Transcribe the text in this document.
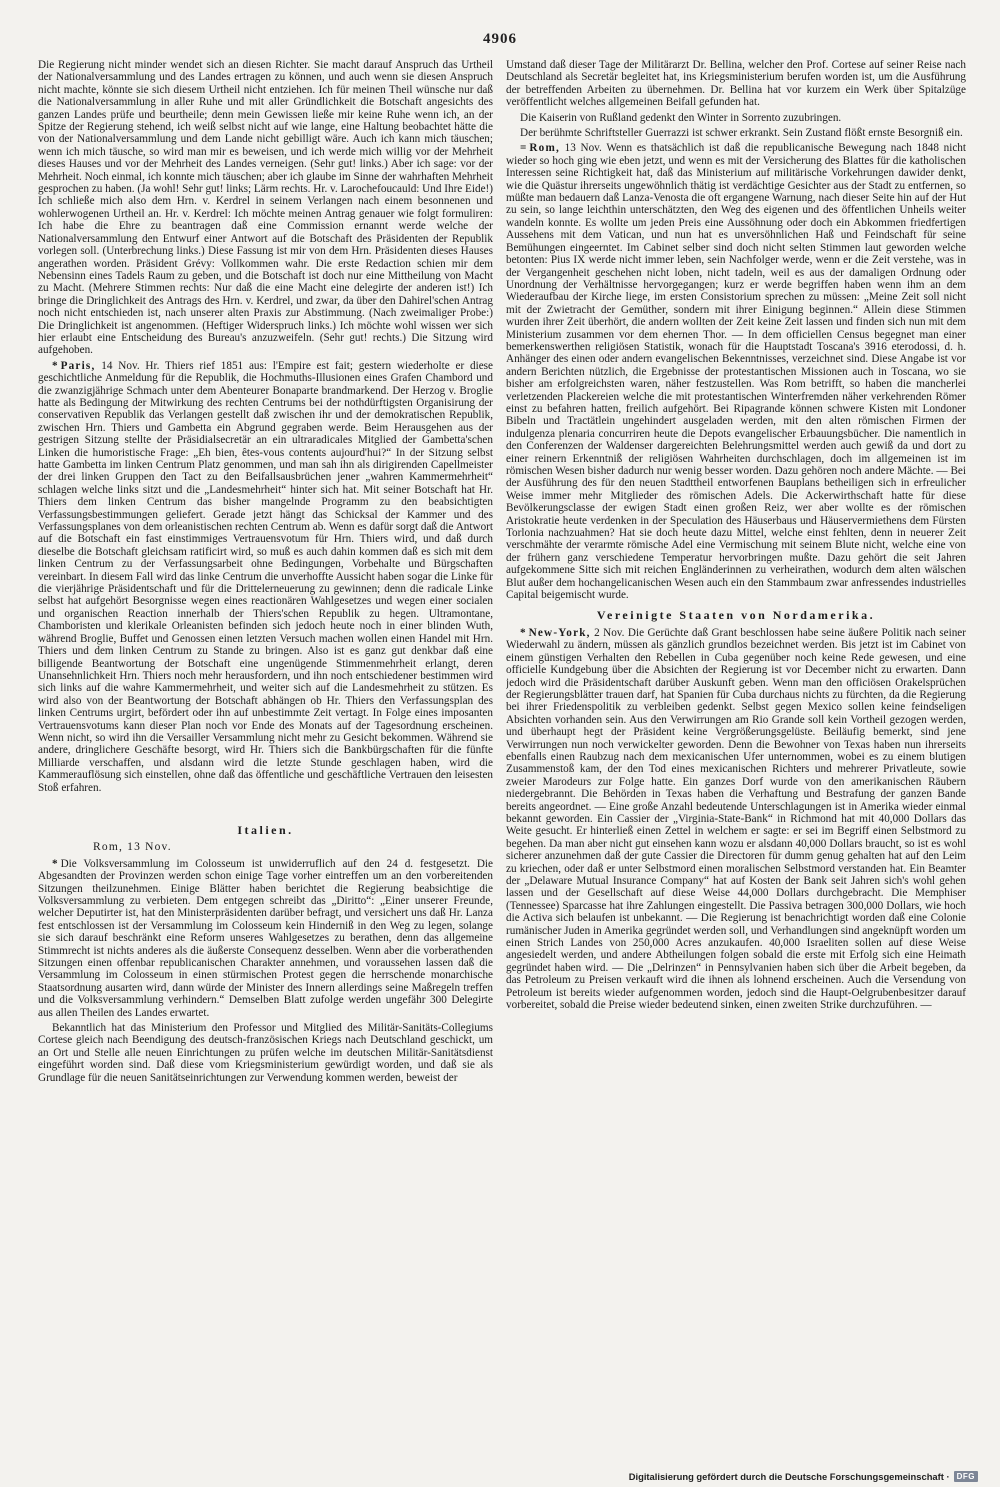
4906

Die Regierung nicht minder wendet sich an diesen Richter. Sie macht darauf Anspruch das Urtheil der Nationalversammlung und des Landes ertragen zu können, und auch wenn sie diesen Anspruch nicht machte, könnte sie sich diesem Urtheil nicht entziehen. Ich für meinen Theil wünsche nur daß die Nationalversammlung in aller Ruhe und mit aller Gründlichkeit die Botschaft angesichts des ganzen Landes prüfe und beurtheile; denn mein Gewissen ließe mir keine Ruhe wenn ich, an der Spitze der Regierung stehend, ich weiß selbst nicht auf wie lange, eine Haltung beobachtet hätte die von der Nationalversammlung und dem Lande nicht gebilligt wäre. Auch ich kann mich täuschen; wenn ich mich täusche, so wird man mir es beweisen, und ich werde mich willig vor der Mehrheit dieses Hauses und vor der Mehrheit des Landes verneigen. (Sehr gut! links.) Aber ich sage: vor der Mehrheit. Noch einmal, ich konnte mich täuschen; aber ich glaube im Sinne der wahrhaften Mehrheit gesprochen zu haben. (Ja wohl! Sehr gut! links; Lärm rechts. Hr. v. Larochefoucauld: Und Ihre Eide!) Ich schließe mich also dem Hrn. v. Kerdrel in seinem Verlangen nach einem besonnenen und wohlerwogenen Urtheil an. Hr. v. Kerdrel: Ich möchte meinen Antrag genauer wie folgt formuliren: Ich habe die Ehre zu beantragen daß eine Commission ernannt werde welche der Nationalversammlung den Entwurf einer Antwort auf die Botschaft des Präsidenten der Republik vorlegen soll. (Unterbrechung links.) Diese Fassung ist mir von dem Hrn. Präsidenten dieses Hauses angerathen worden. Präsident Grévy: Vollkommen wahr. Die erste Redaction schien mir dem Nebensinn eines Tadels Raum zu geben, und die Botschaft ist doch nur eine Mittheilung von Macht zu Macht. (Mehrere Stimmen rechts: Nur daß die eine Macht eine delegirte der anderen ist!) Ich bringe die Dringlichkeit des Antrags des Hrn. v. Kerdrel, und zwar, da über den Dahirel'schen Antrag noch nicht entschieden ist, nach unserer alten Praxis zur Abstimmung. (Nach zweimaliger Probe:) Die Dringlichkeit ist angenommen. (Heftiger Widerspruch links.) Ich möchte wohl wissen wer sich hier erlaubt eine Entscheidung des Bureau's anzuzweifeln. (Sehr gut! rechts.) Die Sitzung wird aufgehoben.

* Paris, 14 Nov. Hr. Thiers rief 1851 aus: l'Empire est fait; gestern wiederholte er diese geschichtliche Anmeldung für die Republik, die Hochmuths-Illusionen eines Grafen Chambord und die zwanzigjährige Schmach unter dem Abenteurer Bonaparte brandmarkend. Der Herzog v. Broglie hatte als Bedingung der Mitwirkung des rechten Centrums bei der nothdürftigsten Organisirung der conservativen Republik das Verlangen gestellt daß zwischen ihr und der demokratischen Republik, zwischen Hrn. Thiers und Gambetta ein Abgrund gegraben werde. Beim Herausgehen aus der gestrigen Sitzung stellte der Präsidialsecretär an ein ultraradicales Mitglied der Gambetta'schen Linken die humoristische Frage: „Eh bien, êtes-vous contents aujourd'hui?“ In der Sitzung selbst hatte Gambetta im linken Centrum Platz genommen, und man sah ihn als dirigirenden Capellmeister der drei linken Gruppen den Tact zu den Beifallsausbrüchen jener „wahren Kammermehrheit“ schlagen welche links sitzt und die „Landesmehrheit“ hinter sich hat. Mit seiner Botschaft hat Hr. Thiers dem linken Centrum das bisher mangelnde Programm zu den beabsichtigten Verfassungsbestimmungen geliefert. Gerade jetzt hängt das Schicksal der Kammer und des Verfassungsplanes von dem orleanistischen rechten Centrum ab. Wenn es dafür sorgt daß die Antwort auf die Botschaft ein fast einstimmiges Vertrauensvotum für Hrn. Thiers wird, und daß durch dieselbe die Botschaft gleichsam ratificirt wird, so muß es auch dahin kommen daß es sich mit dem linken Centrum zu der Verfassungsarbeit ohne Bedingungen, Vorbehalte und Bürgschaften vereinbart. In diesem Fall wird das linke Centrum die unverhoffte Aussicht haben sogar die Linke für die vierjährige Präsidentschaft und für die Drittelerneuerung zu gewinnen; denn die radicale Linke selbst hat aufgehört Besorgnisse wegen eines reactionären Wahlgesetzes und wegen einer socialen und organischen Reaction innerhalb der Thiers'schen Republik zu hegen. Ultramontane, Chamboristen und klerikale Orleanisten befinden sich jedoch heute noch in einer blinden Wuth, während Broglie, Buffet und Genossen einen letzten Versuch machen wollen einen Handel mit Hrn. Thiers und dem linken Centrum zu Stande zu bringen. Also ist es ganz gut denkbar daß eine billigende Beantwortung der Botschaft eine ungenügende Stimmenmehrheit erlangt, deren Unansehnlichkeit Hrn. Thiers noch mehr herausfordern, und ihn noch entschiedener bestimmen wird sich links auf die wahre Kammermehrheit, und weiter sich auf die Landesmehrheit zu stützen. Es wird also von der Beantwortung der Botschaft abhängen ob Hr. Thiers den Verfassungsplan des linken Centrums urgirt, befördert oder ihn auf unbestimmte Zeit vertagt. In Folge eines imposanten Vertrauensvotums kann dieser Plan noch vor Ende des Monats auf der Tagesordnung erscheinen. Wenn nicht, so wird ihn die Versailler Versammlung nicht mehr zu Gesicht bekommen. Während sie andere, dringlichere Geschäfte besorgt, wird Hr. Thiers sich die Bankbürgschaften für die fünfte Milliarde verschaffen, und alsdann wird die letzte Stunde geschlagen haben, wird die Kammerauflösung sich einstellen, ohne daß das öffentliche und geschäftliche Vertrauen den leisesten Stoß erfahren.

Italien.
Rom, 13 Nov.

* Die Volksversammlung im Colosseum ist unwiderruflich auf den 24 d. festgesetzt. Die Abgesandten der Provinzen werden schon einige Tage vorher eintreffen um an den vorbereitenden Sitzungen theilzunehmen. Einige Blätter haben berichtet die Regierung beabsichtige die Volksversammlung zu verbieten. Dem entgegen schreibt das „Diritto“: „Einer unserer Freunde, welcher Deputirter ist, hat den Ministerpräsidenten darüber befragt, und versichert uns daß Hr. Lanza fest entschlossen ist der Versammlung im Colosseum kein Hinderniß in den Weg zu legen, solange sie sich darauf beschränkt eine Reform unseres Wahlgesetzes zu berathen, denn das allgemeine Stimmrecht ist nichts anderes als die äußerste Consequenz desselben. Wenn aber die vorberathenden Sitzungen einen offenbar republicanischen Charakter annehmen, und voraussehen lassen daß die Versammlung im Colosseum in einen stürmischen Protest gegen die herrschende monarchische Staatsordnung ausarten wird, dann würde der Minister des Innern allerdings seine Maßregeln treffen und die Volksversammlung verhindern.“ Demselben Blatt zufolge werden ungefähr 300 Delegirte aus allen Theilen des Landes erwartet.

Bekanntlich hat das Ministerium den Professor und Mitglied des Militär-Sanitäts-Collegiums Cortese gleich nach Beendigung des deutsch-französischen Kriegs nach Deutschland geschickt, um an Ort und Stelle alle neuen Einrichtungen zu prüfen welche im deutschen Militär-Sanitätsdienst eingeführt worden sind. Daß diese vom Kriegsministerium gewürdigt worden, und daß sie als Grundlage für die neuen Sanitätseinrichtungen zur Verwendung kommen werden, beweist der

Umstand daß dieser Tage der Militärarzt Dr. Bellina, welcher den Prof. Cortese auf seiner Reise nach Deutschland als Secretär begleitet hat, ins Kriegsministerium berufen worden ist, um die Ausführung der betreffenden Arbeiten zu übernehmen. Dr. Bellina hat vor kurzem ein Werk über Spitalzüge veröffentlicht welches allgemeinen Beifall gefunden hat.

Die Kaiserin von Rußland gedenkt den Winter in Sorrento zuzubringen.

Der berühmte Schriftsteller Guerrazzi ist schwer erkrankt. Sein Zustand flößt ernste Besorgniß ein.

= Rom, 13 Nov. Wenn es thatsächlich ist daß die republicanische Bewegung nach 1848 nicht wieder so hoch ging wie eben jetzt, und wenn es mit der Versicherung des Blattes für die katholischen Interessen seine Richtigkeit hat, daß das Ministerium auf militärische Vorkehrungen dawider denkt, wie die Quästur ihrerseits ungewöhnlich thätig ist verdächtige Gesichter aus der Stadt zu entfernen, so müßte man bedauern daß Lanza-Venosta die oft ergangene Warnung, nach dieser Seite hin auf der Hut zu sein, so lange leichthin unterschätzten, den Weg des eigenen und des öffentlichen Unheils weiter wandeln konnte. Es wollte um jeden Preis eine Aussöhnung oder doch ein Abkommen friedfertigen Aussehens mit dem Vatican, und nun hat es unversöhnlichen Haß und Feindschaft für seine Bemühungen eingeerntet. Im Cabinet selber sind doch nicht selten Stimmen laut geworden welche betonten: Pius IX werde nicht immer leben, sein Nachfolger werde, wenn er die Zeit verstehe, was in der Vergangenheit geschehen nicht loben, nicht tadeln, weil es aus der damaligen Ordnung oder Unordnung der Verhältnisse hervorgegangen; kurz er werde begriffen haben wenn ihm an dem Wiederaufbau der Kirche liege, im ersten Consistorium sprechen zu müssen: „Meine Zeit soll nicht mit der Zwietracht der Gemüther, sondern mit ihrer Einigung beginnen.“ Allein diese Stimmen wurden ihrer Zeit überhört, die andern wollten der Zeit keine Zeit lassen und finden sich nun mit dem Ministerium zusammen vor dem ehernen Thor. — In dem officiellen Census begegnet man einer bemerkenswerthen religiösen Statistik, wonach für die Hauptstadt Toscana's 3916 eterodossi, d. h. Anhänger des einen oder andern evangelischen Bekenntnisses, verzeichnet sind. Diese Angabe ist vor andern Berichten nützlich, die Ergebnisse der protestantischen Missionen auch in Toscana, wo sie bisher am erfolgreichsten waren, näher festzustellen. Was Rom betrifft, so haben die mancherlei verletzenden Plackereien welche die mit protestantischen Winterfremden näher verkehrenden Römer einst zu befahren hatten, freilich aufgehört. Bei Ripagrande können schwere Kisten mit Londoner Bibeln und Tractätlein ungehindert ausgeladen werden, mit den alten römischen Firmen der indulgenza plenaria concurriren heute die Depots evangelischer Erbauungsbücher. Die namentlich in den Conferenzen der Waldenser dargereichten Belehrungsmittel werden auch gewiß da und dort zu einer reinern Erkenntniß der religiösen Wahrheiten durchschlagen, doch im allgemeinen ist im römischen Wesen bisher dadurch nur wenig besser worden. Dazu gehören noch andere Mächte. — Bei der Ausführung des für den neuen Stadttheil entworfenen Bauplans betheiligen sich in erfreulicher Weise immer mehr Mitglieder des römischen Adels. Die Ackerwirthschaft hatte für diese Bevölkerungsclasse der ewigen Stadt einen großen Reiz, wer aber wollte es der römischen Aristokratie heute verdenken in der Speculation des Häuserbaus und Häuservermiethens dem Fürsten Torlonia nachzuahmen? Hat sie doch heute dazu Mittel, welche einst fehlten, denn in neuerer Zeit verschmähte der verarmte römische Adel eine Vermischung mit seinem Blute nicht, welche eine von der frühern ganz verschiedene Temperatur hervorbringen mußte. Dazu gehört die seit Jahren aufgekommene Sitte sich mit reichen Engländerinnen zu verheirathen, wodurch dem alten wälschen Blut außer dem hochangelicanischen Wesen auch ein den Stammbaum zwar anfressendes industrielles Capital beigemischt wurde.

Vereinigte Staaten von Nordamerika.

* New-York, 2 Nov. Die Gerüchte daß Grant beschlossen habe seine äußere Politik nach seiner Wiederwahl zu ändern, müssen als gänzlich grundlos bezeichnet werden. Bis jetzt ist im Cabinet von einem günstigen Verhalten den Rebellen in Cuba gegenüber noch keine Rede gewesen, und eine officielle Kundgebung über die Absichten der Regierung ist vor December nicht zu erwarten. Dann jedoch wird die Präsidentschaft darüber Auskunft geben. Wenn man den officiösen Orakelsprüchen der Regierungsblätter trauen darf, hat Spanien für Cuba durchaus nichts zu fürchten, da die Regierung bei ihrer Friedenspolitik zu verbleiben gedenkt. Selbst gegen Mexico sollen keine feindseligen Absichten vorhanden sein. Aus den Verwirrungen am Rio Grande soll kein Vortheil gezogen werden, und überhaupt hegt der Präsident keine Vergrößerungsgelüste. Beiläufig bemerkt, sind jene Verwirrungen nun noch verwickelter geworden. Denn die Bewohner von Texas haben nun ihrerseits ebenfalls einen Raubzug nach dem mexicanischen Ufer unternommen, wobei es zu einem blutigen Zusammenstoß kam, der den Tod eines mexicanischen Richters und mehrerer Privatleute, sowie zweier Marodeurs zur Folge hatte. Ein ganzes Dorf wurde von den amerikanischen Räubern niedergebrannt. Die Behörden in Texas haben die Verhaftung und Bestrafung der ganzen Bande bereits angeordnet. — Eine große Anzahl bedeutende Unterschlagungen ist in Amerika wieder einmal bekannt geworden. Ein Cassier der „Virginia-State-Bank“ in Richmond hat mit 40,000 Dollars das Weite gesucht. Er hinterließ einen Zettel in welchem er sagte: er sei im Begriff einen Selbstmord zu begehen. Da man aber nicht gut einsehen kann wozu er alsdann 40,000 Dollars braucht, so ist es wohl sicherer anzunehmen daß der gute Cassier die Directoren für dumm genug gehalten hat auf den Leim zu kriechen, oder daß er unter Selbstmord einen moralischen Selbstmord verstanden hat. Ein Beamter der „Delaware Mutual Insurance Company“ hat auf Kosten der Bank seit Jahren sich's wohl gehen lassen und der Gesellschaft auf diese Weise 44,000 Dollars durchgebracht. Die Memphiser (Tennessee) Sparcasse hat ihre Zahlungen eingestellt. Die Passiva betragen 300,000 Dollars, wie hoch die Activa sich belaufen ist unbekannt. — Die Regierung ist benachrichtigt worden daß eine Colonie rumänischer Juden in Amerika gegründet werden soll, und Verhandlungen sind angeknüpft worden um einen Strich Landes von 250,000 Acres anzukaufen. 40,000 Israeliten sollen auf diese Weise angesiedelt werden, und andere Abtheilungen folgen sobald die erste mit Erfolg sich eine Heimath gegründet haben wird. — Die „Delrinzen“ in Pennsylvanien haben sich über die Arbeit begeben, da das Petroleum zu Preisen verkauft wird die ihnen als lohnend erscheinen. Auch die Versendung von Petroleum ist bereits wieder aufgenommen worden, jedoch sind die Haupt-Oelgrubenbesitzer darauf vorbereitet, sobald die Preise wieder bedeutend sinken, einen zweiten Strike durchzuführen. —

Digitalisierung gefördert durch die Deutsche Forschungsgemeinschaft · DFG
